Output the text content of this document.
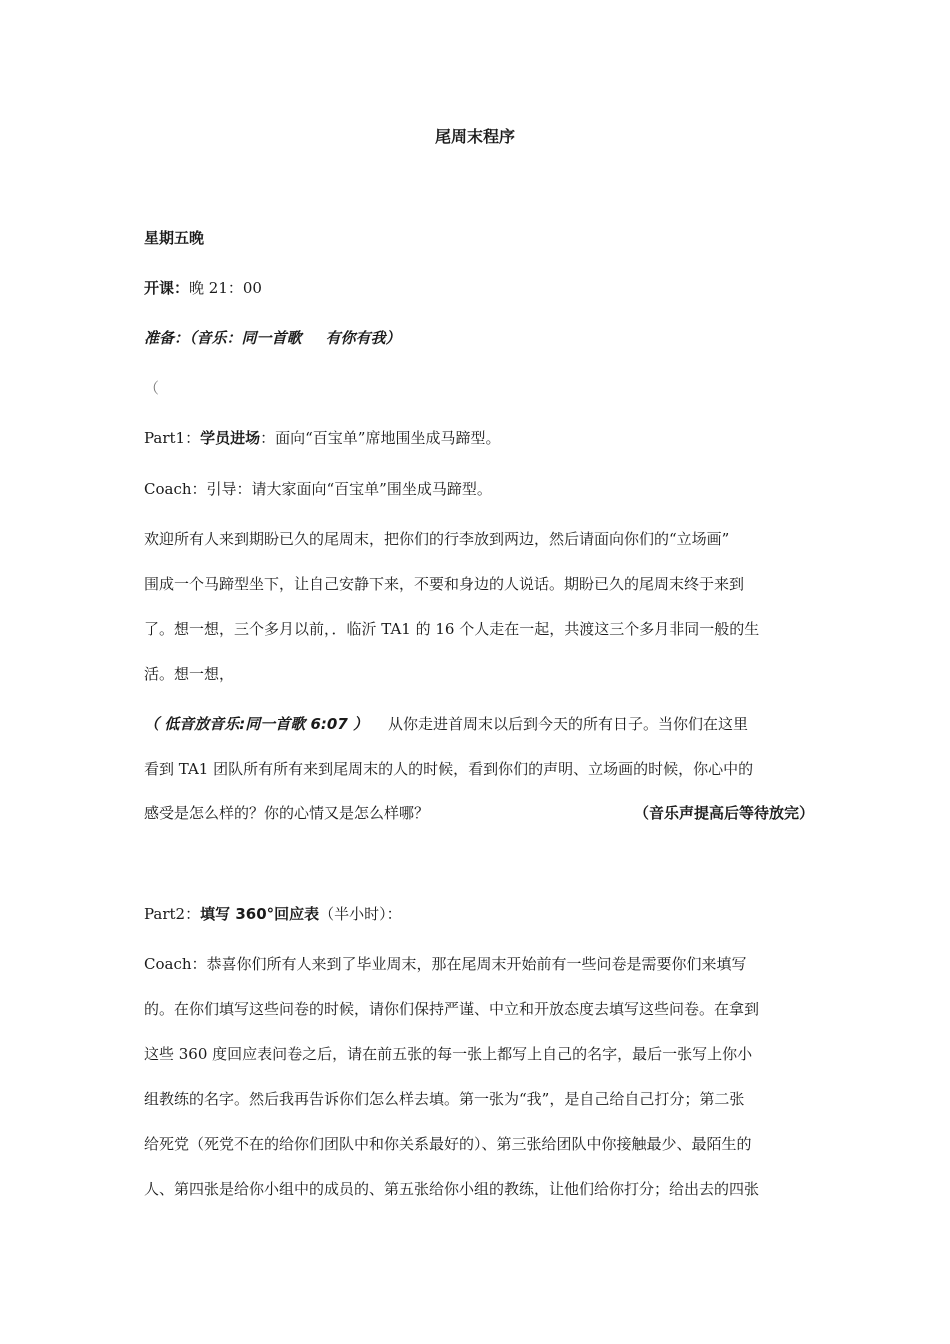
尾周末程序
星期五晚
开课：晚 21：00
准备：（音乐：同一首歌 有你有我）
（
Part1：学员进场：面向“百宝单”席地围坐成马蹄型。
Coach：引导：请大家面向“百宝单”围坐成马蹄型。
欢迎所有人来到期盼已久的尾周末，把你们的行李放到两边，然后请面向你们的“立场画”
围成一个马蹄型坐下，让自己安静下来，不要和身边的人说话。期盼已久的尾周末终于来到
了。想一想，三个多月以前，．临沂 TA1 的 16 个人走在一起，共渡这三个多月非同一般的生
活。想一想，
（ 低音放音乐:同一首歌 6:07 ） 从你走进首周末以后到今天的所有日子。当你们在这里
看到 TA1 团队所有所有来到尾周末的人的时候，看到你们的声明、立场画的时候，你心中的
感受是怎么样的？你的心情又是怎么样哪？	（音乐声提高后等待放完）
Part2：填写 360°回应表（半小时）：
Coach：恭喜你们所有人来到了毕业周末，那在尾周末开始前有一些问卷是需要你们来填写
的。在你们填写这些问卷的时候，请你们保持严谨、中立和开放态度去填写这些问卷。在拿到
这些 360 度回应表问卷之后，请在前五张的每一张上都写上自己的名字，最后一张写上你小
组教练的名字。然后我再告诉你们怎么样去填。第一张为“我”，是自己给自己打分；第二张
给死党（死党不在的给你们团队中和你关系最好的）、第三张给团队中你接触最少、最陌生的
人、第四张是给你小组中的成员的、第五张给你小组的教练，让他们给你打分；给出去的四张
